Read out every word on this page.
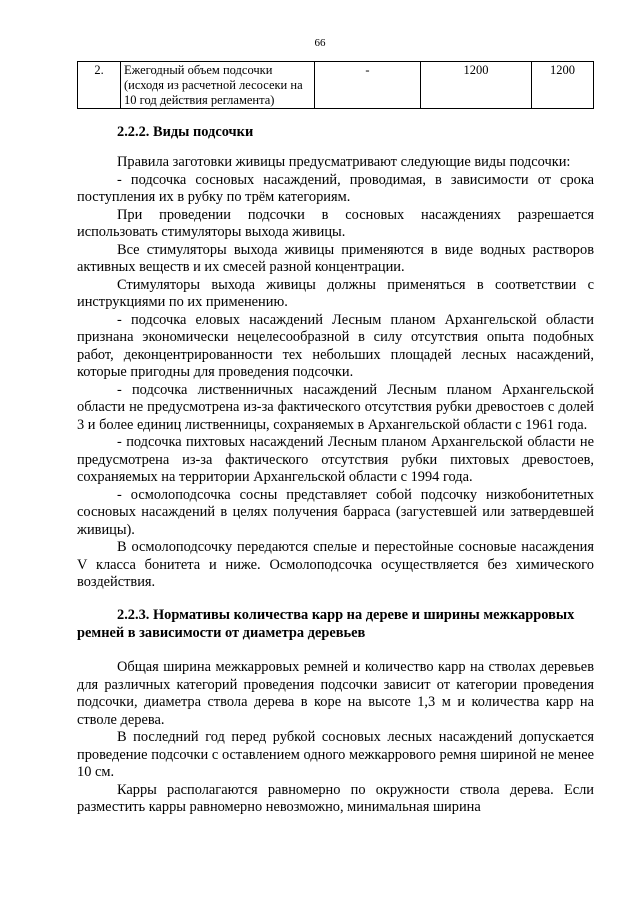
66
2.	Ежегодный объем подсочки (исходя из расчетной лесосеки на 10 год действия регламента)	-	1200	1200
2.2.2. Виды подсочки

Правила заготовки живицы предусматривают следующие виды подсочки:

- подсочка сосновых насаждений, проводимая, в зависимости от срока поступления их в рубку по трём категориям.

При проведении подсочки в сосновых насаждениях разрешается использовать стимуляторы выхода живицы.

Все стимуляторы выхода живицы применяются в виде водных растворов активных веществ и их смесей разной концентрации.

Стимуляторы выхода живицы должны применяться в соответствии с инструкциями по их применению.

- подсочка еловых насаждений Лесным планом Архангельской области признана экономически нецелесообразной в силу отсутствия опыта подобных работ, деконцентрированности тех небольших площадей лесных насаждений, которые пригодны для проведения подсочки.

- подсочка лиственничных насаждений Лесным планом Архангельской области не предусмотрена из-за фактического отсутствия рубки древостоев с долей 3 и более единиц лиственницы, сохраняемых в Архангельской области с 1961 года.

- подсочка пихтовых насаждений Лесным планом Архангельской области не предусмотрена из-за фактического отсутствия рубки пихтовых древостоев, сохраняемых на территории Архангельской области с 1994 года.

- осмолоподсочка сосны представляет собой подсочку низкобонитетных сосновых насаждений в целях получения барраса (загустевшей или затвердевшей живицы).

В осмолоподсочку передаются спелые и перестойные сосновые насаждения V класса бонитета и ниже. Осмолоподсочка осуществляется без химического воздействия.

2.2.3. Нормативы количества карр на дереве и ширины межкарровых ремней в зависимости от диаметра деревьев

Общая ширина межкарровых ремней и количество карр на стволах деревьев для различных категорий проведения подсочки зависит от категории проведения подсочки, диаметра ствола дерева в коре на высоте 1,3 м и количества карр на стволе дерева.

В последний год перед рубкой сосновых лесных насаждений допускается проведение подсочки с оставлением одного межкаррового ремня шириной не менее 10 см.

Карры располагаются равномерно по окружности ствола дерева. Если разместить карры равномерно невозможно, минимальная ширина
